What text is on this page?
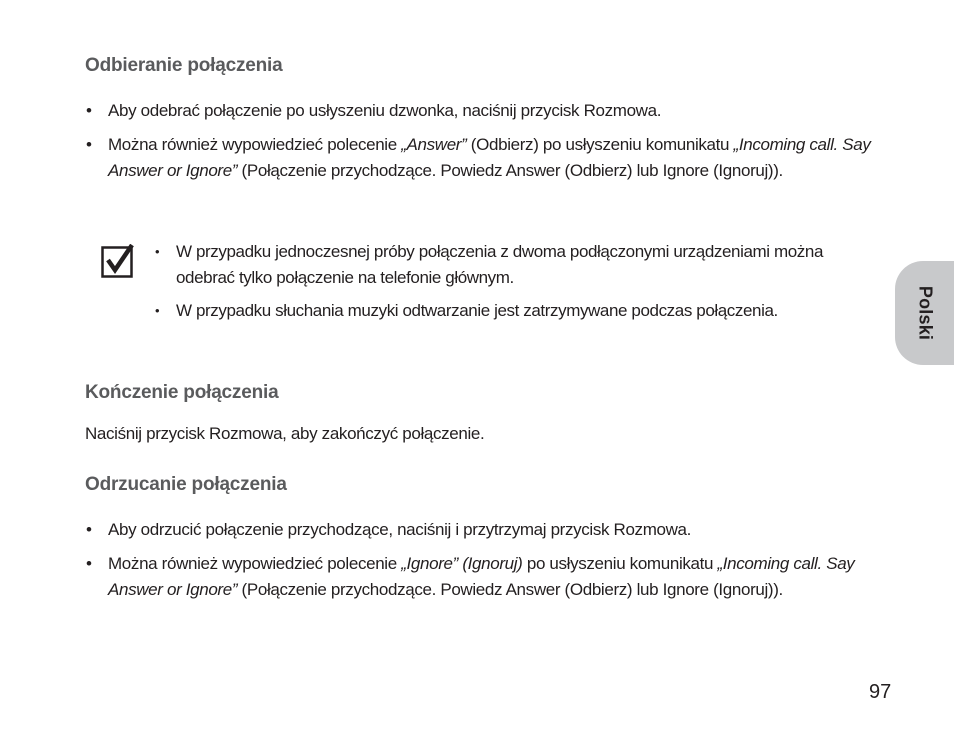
Odbieranie połączenia
• Aby odebrać połączenie po usłyszeniu dzwonka, naciśnij przycisk Rozmowa.
• Można również wypowiedzieć polecenie „Answer” (Odbierz) po usłyszeniu komunikatu „Incoming call. Say Answer or Ignore” (Połączenie przychodzące. Powiedz Answer (Odbierz) lub Ignore (Ignoruj)).
• W przypadku jednoczesnej próby połączenia z dwoma podłączonymi urządzeniami można odebrać tylko połączenie na telefonie głównym.
• W przypadku słuchania muzyki odtwarzanie jest zatrzymywane podczas połączenia.
Kończenie połączenia

Naciśnij przycisk Rozmowa, aby zakończyć połączenie.

Odrzucanie połączenia
• Aby odrzucić połączenie przychodzące, naciśnij i przytrzymaj przycisk Rozmowa.
• Można również wypowiedzieć polecenie „Ignore” (Ignoruj) po usłyszeniu komunikatu „Incoming call. Say Answer or Ignore” (Połączenie przychodzące. Powiedz Answer (Odbierz) lub Ignore (Ignoruj)).
Polski
97
